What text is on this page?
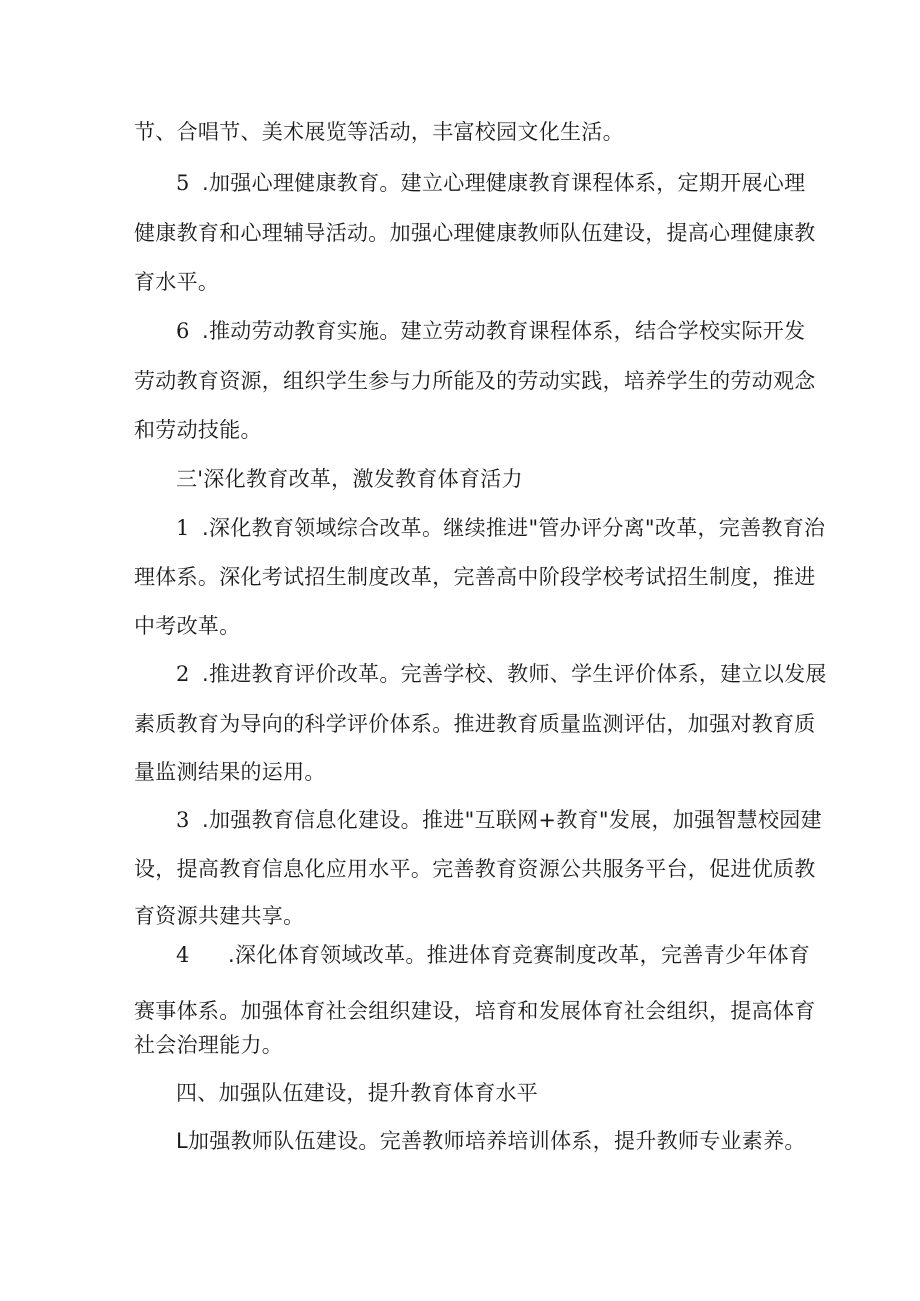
节、合唱节、美术展览等活动，丰富校园文化生活。
5 .加强心理健康教育。建立心理健康教育课程体系，定期开展心理
健康教育和心理辅导活动。加强心理健康教师队伍建设，提高心理健康教
育水平。
6 .推动劳动教育实施。建立劳动教育课程体系，结合学校实际开发
劳动教育资源，组织学生参与力所能及的劳动实践，培养学生的劳动观念
和劳动技能。
三'深化教育改革，激发教育体育活力
1 .深化教育领域综合改革。继续推进"管办评分离"改革，完善教育治
理体系。深化考试招生制度改革，完善高中阶段学校考试招生制度，推进
中考改革。
2 .推进教育评价改革。完善学校、教师、学生评价体系，建立以发展
素质教育为导向的科学评价体系。推进教育质量监测评估，加强对教育质
量监测结果的运用。
3 .加强教育信息化建设。推进"互联网+教育"发展，加强智慧校园建
设，提高教育信息化应用水平。完善教育资源公共服务平台，促进优质教
育资源共建共享。
4 .深化体育领域改革。推进体育竞赛制度改革，完善青少年体育
赛事体系。加强体育社会组织建设，培育和发展体育社会组织，提高体育
社会治理能力。
四、加强队伍建设，提升教育体育水平
L加强教师队伍建设。完善教师培养培训体系，提升教师专业素养。
